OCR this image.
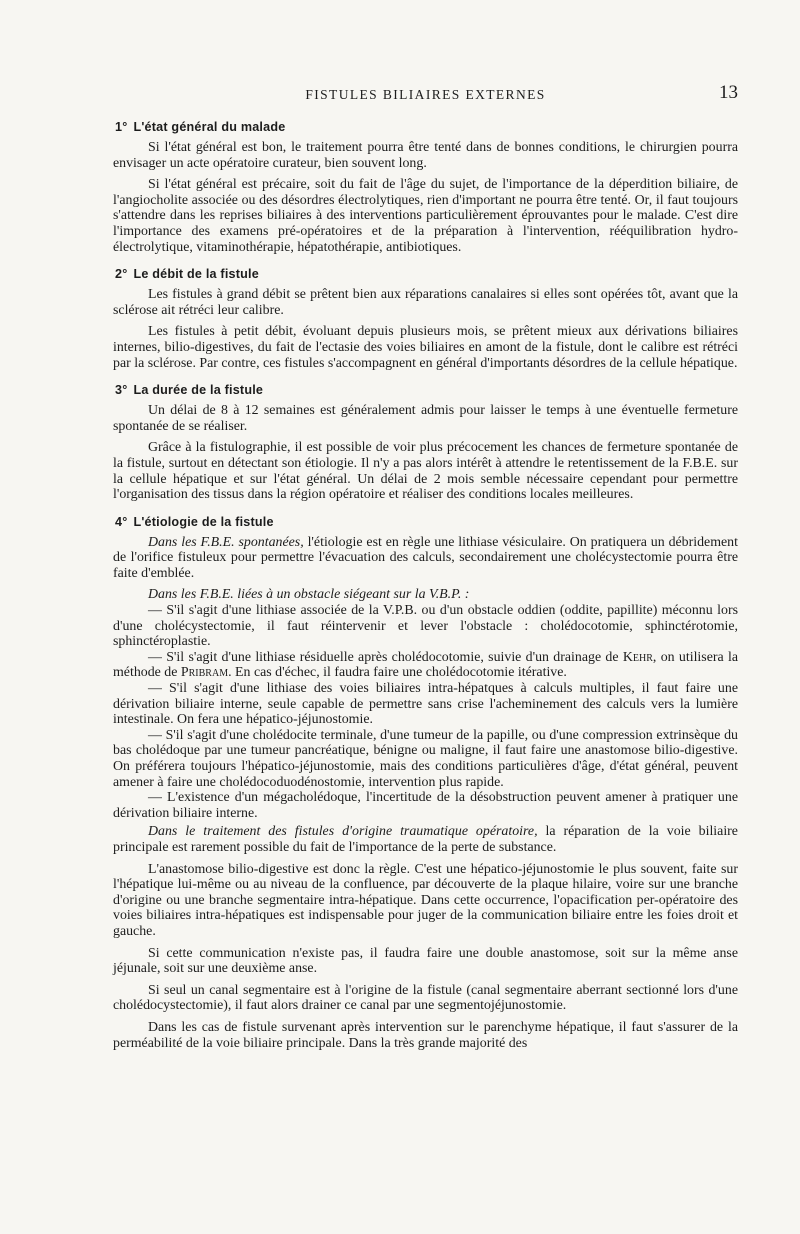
FISTULES BILIAIRES EXTERNES	13
1° L'état général du malade

Si l'état général est bon, le traitement pourra être tenté dans de bonnes conditions, le chirurgien pourra envisager un acte opératoire curateur, bien souvent long.

Si l'état général est précaire, soit du fait de l'âge du sujet, de l'importance de la déperdition biliaire, de l'angiocholite associée ou des désordres électrolytiques, rien d'important ne pourra être tenté. Or, il faut toujours s'attendre dans les reprises biliaires à des interventions particulièrement éprouvantes pour le malade. C'est dire l'importance des examens pré-opératoires et de la préparation à l'intervention, rééquilibration hydro-électrolytique, vitaminothérapie, hépatothérapie, antibiotiques.

2° Le débit de la fistule

Les fistules à grand débit se prêtent bien aux réparations canalaires si elles sont opérées tôt, avant que la sclérose ait rétréci leur calibre.

Les fistules à petit débit, évoluant depuis plusieurs mois, se prêtent mieux aux dérivations biliaires internes, bilio-digestives, du fait de l'ectasie des voies biliaires en amont de la fistule, dont le calibre est rétréci par la sclérose. Par contre, ces fistules s'accompagnent en général d'importants désordres de la cellule hépatique.

3° La durée de la fistule

Un délai de 8 à 12 semaines est généralement admis pour laisser le temps à une éventuelle fermeture spontanée de se réaliser.

Grâce à la fistulographie, il est possible de voir plus précocement les chances de fermeture spontanée de la fistule, surtout en détectant son étiologie. Il n'y a pas alors intérêt à attendre le retentissement de la F.B.E. sur la cellule hépatique et sur l'état général. Un délai de 2 mois semble nécessaire cependant pour permettre l'organisation des tissus dans la région opératoire et réaliser des conditions locales meilleures.

4° L'étiologie de la fistule

Dans les F.B.E. spontanées, l'étiologie est en règle une lithiase vésiculaire. On pratiquera un débridement de l'orifice fistuleux pour permettre l'évacuation des calculs, secondairement une cholécystectomie pourra être faite d'emblée.

Dans les F.B.E. liées à un obstacle siégeant sur la V.B.P. :

— S'il s'agit d'une lithiase associée de la V.P.B. ou d'un obstacle oddien (oddite, papillite) méconnu lors d'une cholécystectomie, il faut réintervenir et lever l'obstacle : cholédocotomie, sphinctérotomie, sphinctéroplastie.

— S'il s'agit d'une lithiase résiduelle après cholédocotomie, suivie d'un drainage de Kehr, on utilisera la méthode de Pribram. En cas d'échec, il faudra faire une cholédocotomie itérative.

— S'il s'agit d'une lithiase des voies biliaires intra-hépatques à calculs multiples, il faut faire une dérivation biliaire interne, seule capable de permettre sans crise l'acheminement des calculs vers la lumière intestinale. On fera une hépatico-jéjunostomie.

— S'il s'agit d'une cholédocite terminale, d'une tumeur de la papille, ou d'une compression extrinsèque du bas cholédoque par une tumeur pancréatique, bénigne ou maligne, il faut faire une anastomose bilio-digestive. On préférera toujours l'hépatico-jéjunostomie, mais des conditions particulières d'âge, d'état général, peuvent amener à faire une cholédocoduodénostomie, intervention plus rapide.

— L'existence d'un mégacholédoque, l'incertitude de la désobstruction peuvent amener à pratiquer une dérivation biliaire interne.

Dans le traitement des fistules d'origine traumatique opératoire, la réparation de la voie biliaire principale est rarement possible du fait de l'importance de la perte de substance.

L'anastomose bilio-digestive est donc la règle. C'est une hépatico-jéjunostomie le plus souvent, faite sur l'hépatique lui-même ou au niveau de la confluence, par découverte de la plaque hilaire, voire sur une branche d'origine ou une branche segmentaire intra-hépatique. Dans cette occurrence, l'opacification per-opératoire des voies biliaires intra-hépatiques est indispensable pour juger de la communication biliaire entre les foies droit et gauche.

Si cette communication n'existe pas, il faudra faire une double anastomose, soit sur la même anse jéjunale, soit sur une deuxième anse.

Si seul un canal segmentaire est à l'origine de la fistule (canal segmentaire aberrant sectionné lors d'une cholédocystectomie), il faut alors drainer ce canal par une segmentojéjunostomie.

Dans les cas de fistule survenant après intervention sur le parenchyme hépatique, il faut s'assurer de la perméabilité de la voie biliaire principale. Dans la très grande majorité des
